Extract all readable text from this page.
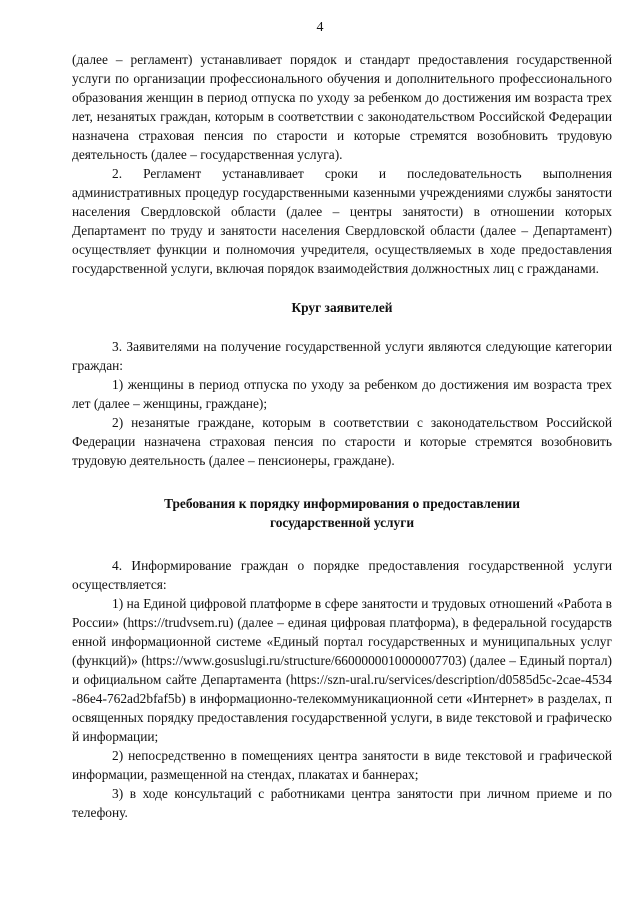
4

(далее – регламент) устанавливает порядок и стандарт предоставления государственной услуги по организации профессионального обучения и дополнительного профессионального образования женщин в период отпуска по уходу за ребенком до достижения им возраста трех лет, незанятых граждан, которым в соответствии с законодательством Российской Федерации назначена страховая пенсия по старости и которые стремятся возобновить трудовую деятельность (далее – государственная услуга).

2. Регламент устанавливает сроки и последовательность выполнения административных процедур государственными казенными учреждениями службы занятости населения Свердловской области (далее – центры занятости) в отношении которых Департамент по труду и занятости населения Свердловской области (далее – Департамент) осуществляет функции и полномочия учредителя, осуществляемых в ходе предоставления государственной услуги, включая порядок взаимодействия должностных лиц с гражданами.

Круг заявителей

3. Заявителями на получение государственной услуги являются следующие категории граждан:

1) женщины в период отпуска по уходу за ребенком до достижения им возраста трех лет (далее – женщины, граждане);

2) незанятые граждане, которым в соответствии с законодательством Российской Федерации назначена страховая пенсия по старости и которые стремятся возобновить трудовую деятельность (далее – пенсионеры, граждане).

Требования к порядку информирования о предоставлении
государственной услуги

4. Информирование граждан о порядке предоставления государственной услуги осуществляется:

1) на Единой цифровой платформе в сфере занятости и трудовых отношений «Работа в России» (https://trudvsem.ru) (далее – единая цифровая платформа), в федеральной государственной информационной системе «Единый портал государственных и муниципальных услуг (функций)» (https://www.gosuslugi.ru/structure/6600000010000007703) (далее – Единый портал) и официальном сайте Департамента (https://szn-ural.ru/services/description/d0585d5c-2cae-4534-86e4-762ad2bfaf5b) в информационно-телекоммуникационной сети «Интернет» в разделах, посвященных порядку предоставления государственной услуги, в виде текстовой и графической информации;

2) непосредственно в помещениях центра занятости в виде текстовой и графической информации, размещенной на стендах, плакатах и баннерах;

3) в ходе консультаций с работниками центра занятости при личном приеме и по телефону.
